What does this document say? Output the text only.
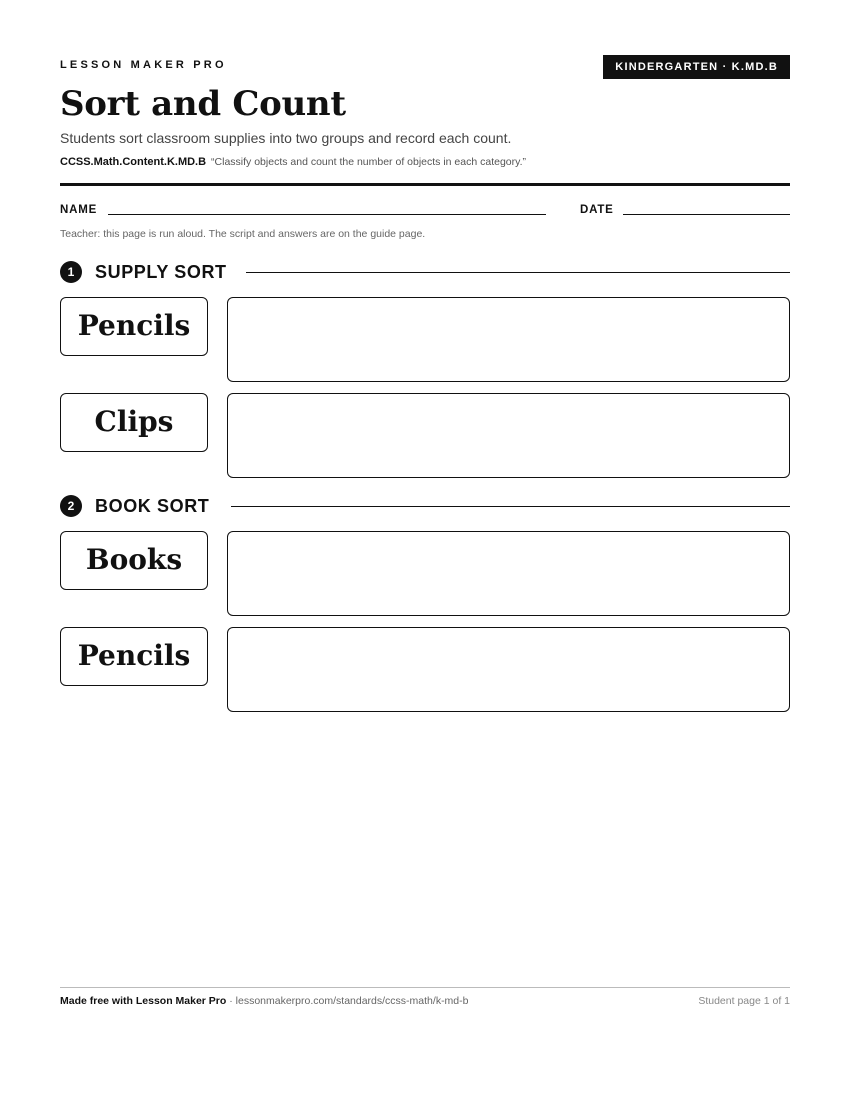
LESSON MAKER PRO	KINDERGARTEN · K.MD.B
Sort and Count
Students sort classroom supplies into two groups and record each count.
CCSS.Math.Content.K.MD.B “Classify objects and count the number of objects in each category.”
NAME	DATE
Teacher: this page is run aloud. The script and answers are on the guide page.
1	SUPPLY SORT
Pencils
Clips
2	BOOK SORT
Books
Pencils
Made free with Lesson Maker Pro · lessonmakerpro.com/standards/ccss-math/k-md-b	Student page 1 of 1
